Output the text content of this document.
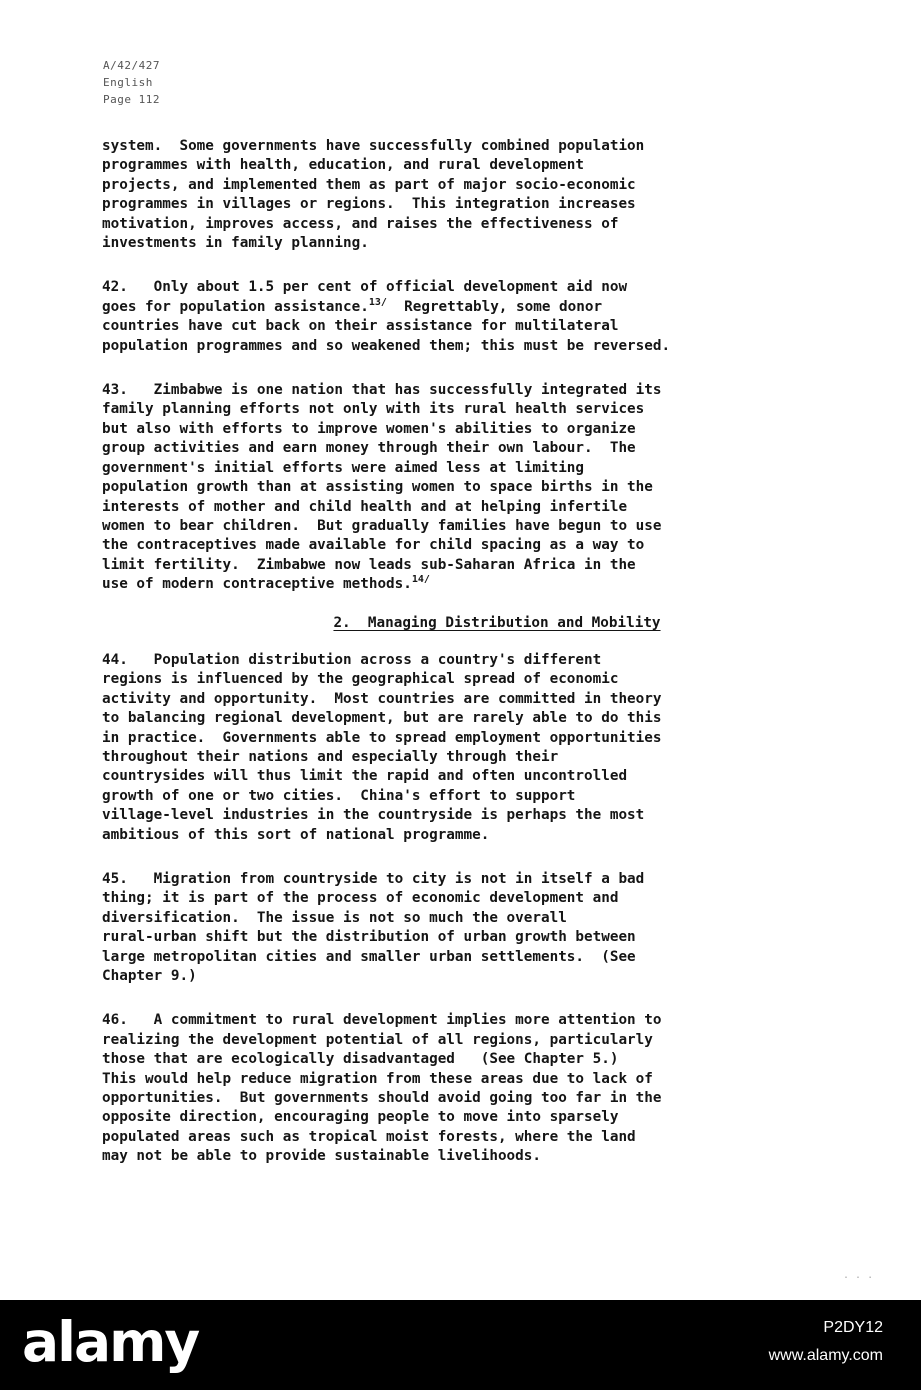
A/42/427
English
Page 112
system.  Some governments have successfully combined population
programmes with health, education, and rural development
projects, and implemented them as part of major socio-economic
programmes in villages or regions.  This integration increases
motivation, improves access, and raises the effectiveness of
investments in family planning.
42.   Only about 1.5 per cent of official development aid now
goes for population assistance.$^{13/}$  Regrettably, some donor
countries have cut back on their assistance for multilateral
population programmes and so weakened them; this must be reversed.
43.   Zimbabwe is one nation that has successfully integrated its
family planning efforts not only with its rural health services
but also with efforts to improve women's abilities to organize
group activities and earn money through their own labour.  The
government's initial efforts were aimed less at limiting
population growth than at assisting women to space births in the
interests of mother and child health and at helping infertile
women to bear children.  But gradually families have begun to use
the contraceptives made available for child spacing as a way to
limit fertility.  Zimbabwe now leads sub-Saharan Africa in the
use of modern contraceptive methods.$^{14/}$
2.  Managing Distribution and Mobility
44.   Population distribution across a country's different
regions is influenced by the geographical spread of economic
activity and opportunity.  Most countries are committed in theory
to balancing regional development, but are rarely able to do this
in practice.  Governments able to spread employment opportunities
throughout their nations and especially through their
countrysides will thus limit the rapid and often uncontrolled
growth of one or two cities.  China's effort to support
village-level industries in the countryside is perhaps the most
ambitious of this sort of national programme.
45.   Migration from countryside to city is not in itself a bad
thing; it is part of the process of economic development and
diversification.  The issue is not so much the overall
rural-urban shift but the distribution of urban growth between
large metropolitan cities and smaller urban settlements.  (See
Chapter 9.)
46.   A commitment to rural development implies more attention to
realizing the development potential of all regions, particularly
those that are ecologically disadvantaged   (See Chapter 5.)
This would help reduce migration from these areas due to lack of
opportunities.  But governments should avoid going too far in the
opposite direction, encouraging people to move into sparsely
populated areas such as tropical moist forests, where the land
may not be able to provide sustainable livelihoods.
. . .
alamy	P2DY12
www.alamy.com
